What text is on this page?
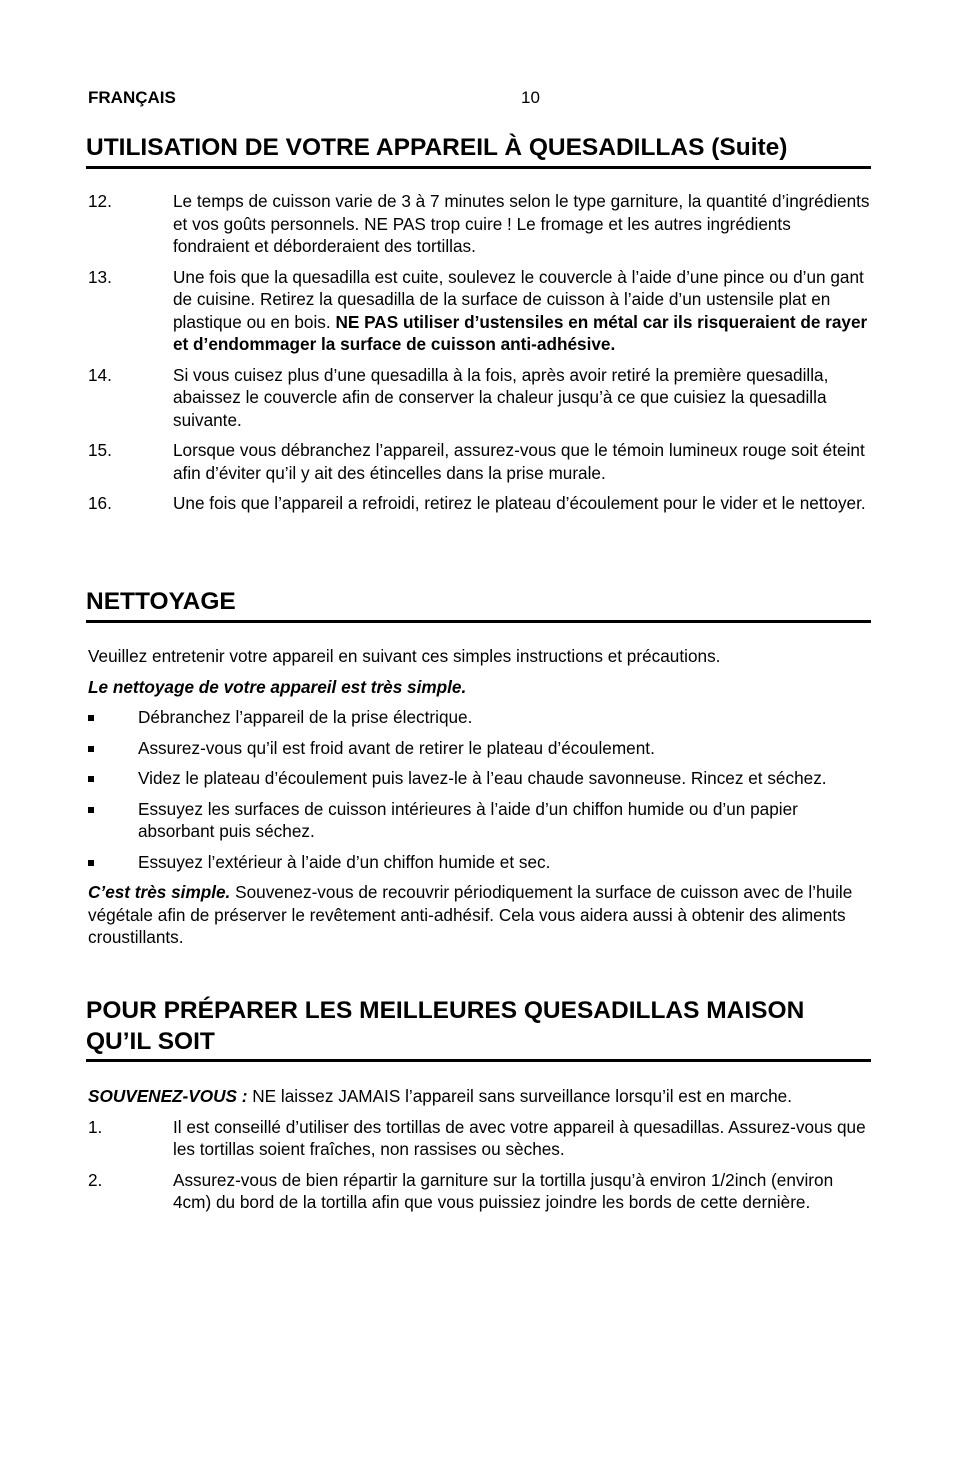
FRANÇAIS	10
UTILISATION DE VOTRE APPAREIL À QUESADILLAS (Suite)
12.	Le temps de cuisson varie de 3 à 7 minutes selon le type garniture, la quantité d’ingrédients et vos goûts personnels. NE PAS trop cuire ! Le fromage et les autres ingrédients fondraient et déborderaient des tortillas.
13.	Une fois que la quesadilla est cuite, soulevez le couvercle à l’aide d’une pince ou d’un gant de cuisine. Retirez la quesadilla de la surface de cuisson à l’aide d’un ustensile plat en plastique ou en bois. NE PAS utiliser d’ustensiles en métal car ils risqueraient de rayer et d’endommager la surface de cuisson anti-adhésive.
14.	Si vous cuisez plus d’une quesadilla à la fois, après avoir retiré la première quesadilla, abaissez le couvercle afin de conserver la chaleur jusqu’à ce que cuisiez la quesadilla suivante.
15.	Lorsque vous débranchez l’appareil, assurez-vous que le témoin lumineux rouge soit éteint afin d’éviter qu’il y ait des étincelles dans la prise murale.
16.	Une fois que l’appareil a refroidi, retirez le plateau d’écoulement pour le vider et le nettoyer.
NETTOYAGE

Veuillez entretenir votre appareil en suivant ces simples instructions et précautions.

Le nettoyage de votre appareil est très simple.

Débranchez l’appareil de la prise électrique.
Assurez-vous qu’il est froid avant de retirer le plateau d’écoulement.
Videz le plateau d’écoulement puis lavez-le à l’eau chaude savonneuse. Rincez et séchez.
Essuyez les surfaces de cuisson intérieures à l’aide d’un chiffon humide ou d’un papier absorbant puis séchez.
Essuyez l’extérieur à l’aide d’un chiffon humide et sec.

C’est très simple. Souvenez-vous de recouvrir périodiquement la surface de cuisson avec de l’huile végétale afin de préserver le revêtement anti-adhésif. Cela vous aidera aussi à obtenir des aliments croustillants.

POUR PRÉPARER LES MEILLEURES QUESADILLAS MAISON QU’IL SOIT

SOUVENEZ-VOUS : NE laissez JAMAIS l’appareil sans surveillance lorsqu’il est en marche.

1.	Il est conseillé d’utiliser des tortillas de avec votre appareil à quesadillas. Assurez-vous que les tortillas soient fraîches, non rassises ou sèches.
2.	Assurez-vous de bien répartir la garniture sur la tortilla jusqu’à environ 1/2inch (environ 4cm) du bord de la tortilla afin que vous puissiez joindre les bords de cette dernière.
